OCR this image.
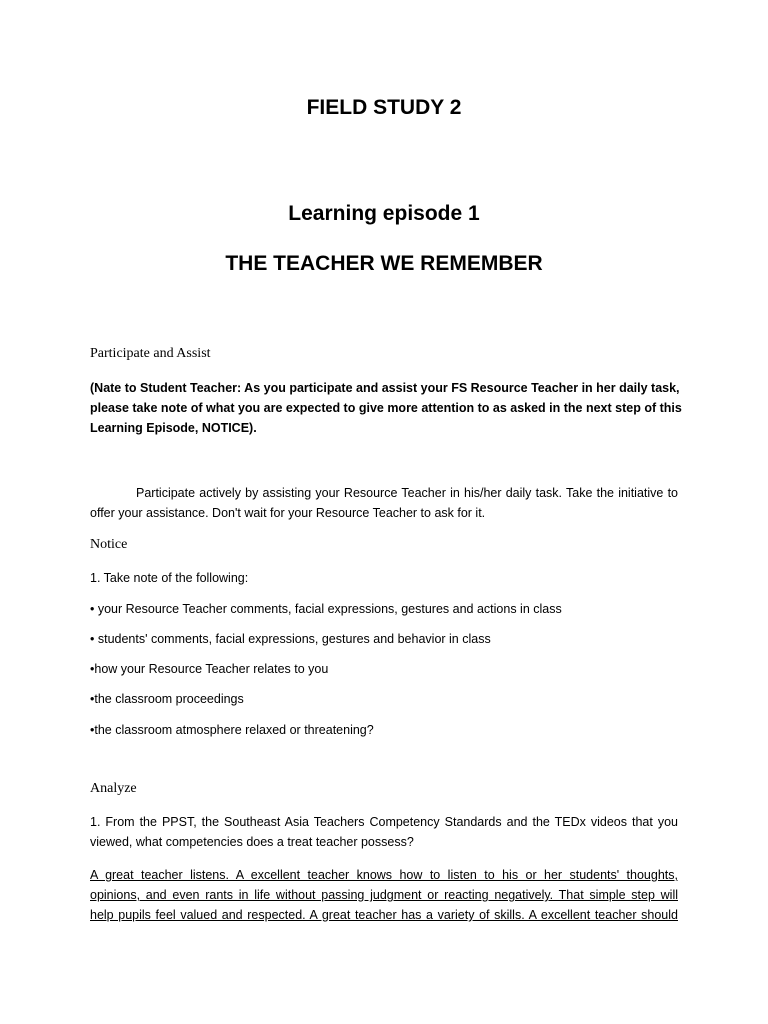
FIELD STUDY 2
Learning episode 1
THE TEACHER WE REMEMBER
Participate and Assist
(Nate to Student Teacher: As you participate and assist your FS Resource Teacher in her daily task,
please take note of what you are expected to give more attention to as asked in the next step of this
Learning Episode, NOTICE).
Participate actively by assisting your Resource Teacher in his/her daily task. Take the initiative to
offer your assistance. Don't wait for your Resource Teacher to ask for it.
Notice
1. Take note of the following:
• your Resource Teacher comments, facial expressions, gestures and actions in class
• students' comments, facial expressions, gestures and behavior in class
•how your Resource Teacher relates to you
•the classroom proceedings
•the classroom atmosphere relaxed or threatening?
Analyze
1. From the PPST, the Southeast Asia Teachers Competency Standards and the TEDx videos that you
viewed, what competencies does a treat teacher possess?
A great teacher listens. A excellent teacher knows how to listen to his or her students' thoughts,
opinions, and even rants in life without passing judgment or reacting negatively. That simple step will
help pupils feel valued and respected. A great teacher has a variety of skills. A excellent teacher should
